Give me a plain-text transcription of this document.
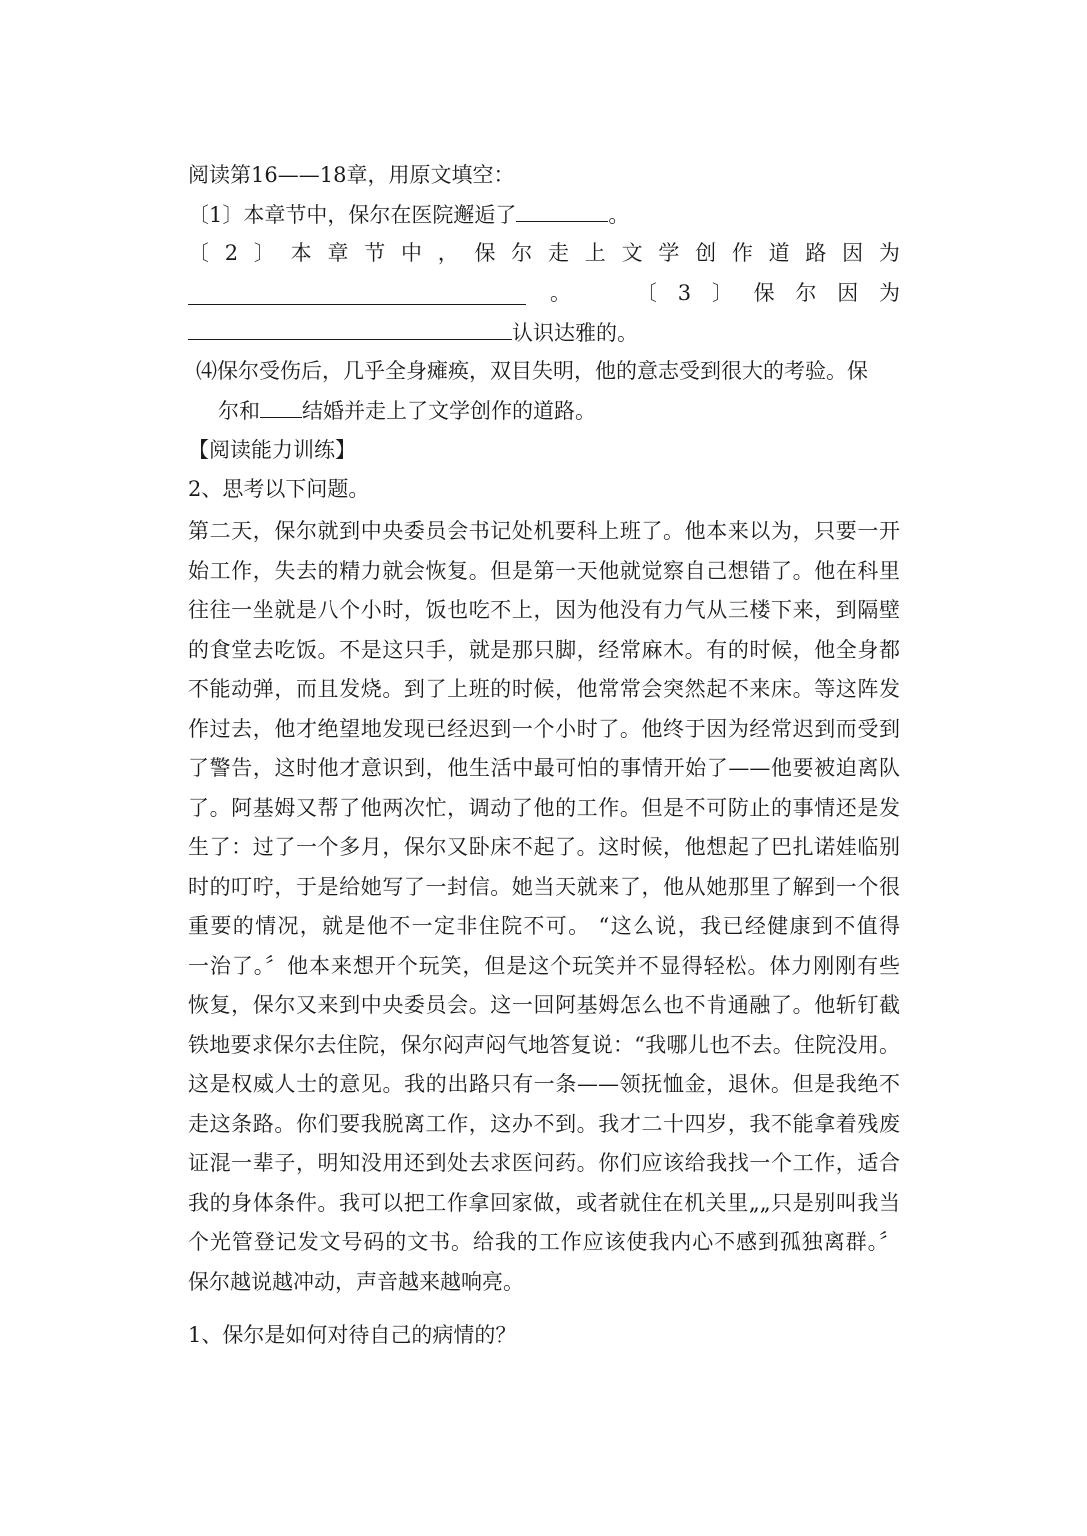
阅读第16——18章，用原文填空：
〔1〕本章节中，保尔在医院邂逅了	。
〔 2 〕 本 章 节 中 ， 保 尔 走 上 文 学 创 作 道 路 因 为
。	〔 3 〕 保 尔 因 为
认识达雅的。
⑷保尔受伤后，几乎全身瘫痪，双目失明，他的意志受到很大的考验。保
尔和 结婚并走上了文学创作的道路。
【阅读能力训练】
2、思考以下问题。
第二天，保尔就到中央委员会书记处机要科上班了。他本来以为，只要一开
始工作，失去的精力就会恢复。但是第一天他就觉察自己想错了。他在科里
往往一坐就是八个小时，饭也吃不上，因为他没有力气从三楼下来，到隔壁
的食堂去吃饭。不是这只手，就是那只脚，经常麻木。有的时候，他全身都
不能动弹，而且发烧。到了上班的时候，他常常会突然起不来床。等这阵发
作过去，他才绝望地发现已经迟到一个小时了。他终于因为经常迟到而受到
了警告，这时他才意识到，他生活中最可怕的事情开始了——他要被迫离队
了。阿基姆又帮了他两次忙，调动了他的工作。但是不可防止的事情还是发
生了：过了一个多月，保尔又卧床不起了。这时候，他想起了巴扎诺娃临别
时的叮咛，于是给她写了一封信。她当天就来了，他从她那里了解到一个很
重要的情况，就是他不一定非住院不可。 “这么说，我已经健康到不值得
一治了。〞他本来想开个玩笑，但是这个玩笑并不显得轻松。体力刚刚有些
恢复，保尔又来到中央委员会。这一回阿基姆怎么也不肯通融了。他斩钉截
铁地要求保尔去住院，保尔闷声闷气地答复说：“我哪儿也不去。住院没用。
这是权威人士的意见。我的出路只有一条——领抚恤金，退休。但是我绝不
走这条路。你们要我脱离工作，这办不到。我才二十四岁，我不能拿着残废
证混一辈子，明知没用还到处去求医问药。你们应该给我找一个工作，适合
我的身体条件。我可以把工作拿回家做，或者就住在机关里„„只是别叫我当
个光管登记发文号码的文书。给我的工作应该使我内心不感到孤独离群。〞
保尔越说越冲动，声音越来越响亮。
1、保尔是如何对待自己的病情的？
